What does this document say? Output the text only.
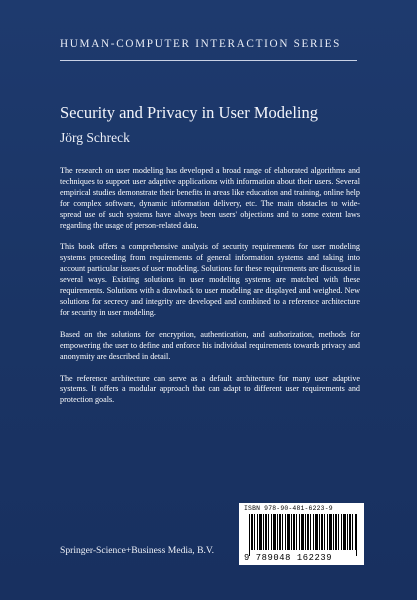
HUMAN-COMPUTER INTERACTION SERIES
Security and Privacy in User Modeling
Jörg Schreck

The research on user modeling has developed a broad range of elaborated algorithms and techniques to support user adaptive applications with information about their users. Several empirical studies demonstrate their benefits in areas like education and training, online help for complex software, dynamic information delivery, etc. The main obstacles to wide-spread use of such systems have always been users' objections and to some extent laws regarding the usage of person-related data.

This book offers a comprehensive analysis of security requirements for user modeling systems proceeding from requirements of general information systems and taking into account particular issues of user modeling. Solutions for these requirements are discussed in several ways. Existing solutions in user modeling systems are matched with these requirements. Solutions with a drawback to user modeling are displayed and weighed. New solutions for secrecy and integrity are developed and combined to a reference architecture for security in user modeling.

Based on the solutions for encryption, authentication, and authorization, methods for empowering the user to define and enforce his individual requirements towards privacy and anonymity are described in detail.

The reference architecture can serve as a default architecture for many user adaptive systems. It offers a modular approach that can adapt to different user requirements and protection goals.

Springer-Science+Business Media, B.V.
ISBN 978-90-481-6223-9
9 789048 162239
